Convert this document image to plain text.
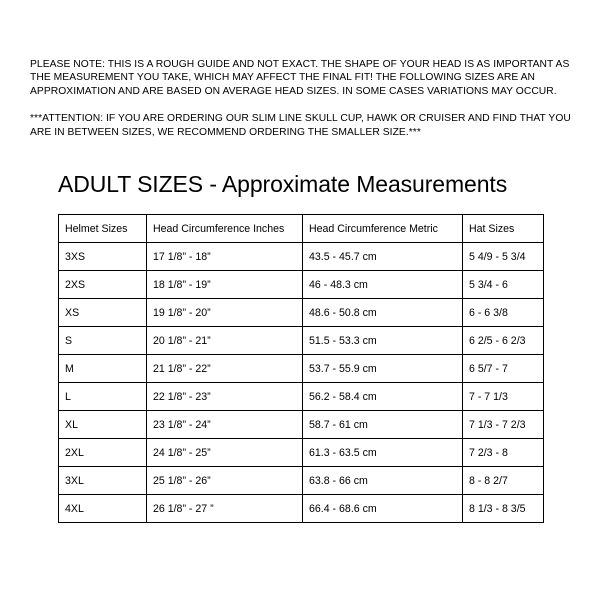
PLEASE NOTE: THIS IS A ROUGH GUIDE AND NOT EXACT. THE SHAPE OF YOUR HEAD IS AS IMPORTANT AS THE MEASUREMENT YOU TAKE, WHICH MAY AFFECT THE FINAL FIT! THE FOLLOWING SIZES ARE AN APPROXIMATION AND ARE BASED ON AVERAGE HEAD SIZES. IN SOME CASES VARIATIONS MAY OCCUR.

***ATTENTION: IF YOU ARE ORDERING OUR SLIM LINE SKULL CUP, HAWK OR CRUISER AND FIND THAT YOU ARE IN BETWEEN SIZES, WE RECOMMEND ORDERING THE SMALLER SIZE.***

ADULT SIZES - Approximate Measurements
Helmet Sizes	Head Circumference Inches	Head Circumference Metric	Hat Sizes
3XS	17 1/8” - 18”	43.5 - 45.7 cm	5 4/9 - 5 3/4
2XS	18 1/8” - 19”	46 - 48.3 cm	5 3/4 - 6
XS	19 1/8” - 20”	48.6 - 50.8 cm	6 - 6 3/8
S	20 1/8” - 21”	51.5 - 53.3 cm	6 2/5 - 6 2/3
M	21 1/8” - 22”	53.7 - 55.9 cm	6 5/7 - 7
L	22 1/8” - 23”	56.2 - 58.4 cm	7 - 7 1/3
XL	23 1/8” - 24”	58.7 - 61 cm	7 1/3 - 7 2/3
2XL	24 1/8” - 25”	61.3 - 63.5 cm	7 2/3 - 8
3XL	25 1/8” - 26”	63.8 - 66 cm	8 - 8 2/7
4XL	26 1/8” - 27 ”	66.4 - 68.6 cm	8 1/3 - 8 3/5
